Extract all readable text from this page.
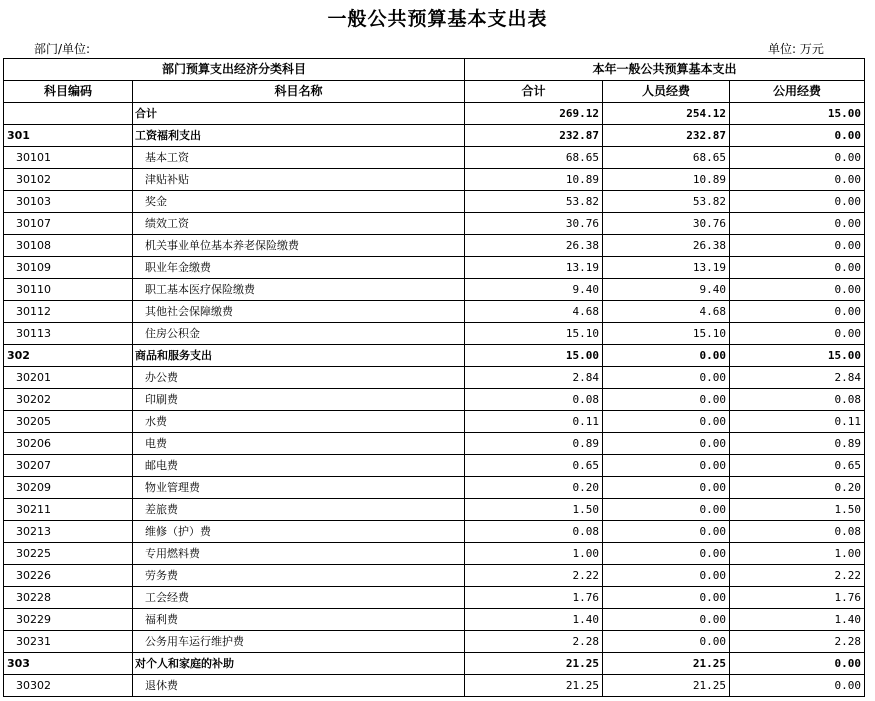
一般公共预算基本支出表
部门/单位:	单位: 万元
部门预算支出经济分类科目		本年一般公共预算基本支出		
科目编码	科目名称	合计	人员经费	公用经费
	合计	269.12	254.12	15.00
301	工资福利支出	232.87	232.87	0.00
30101	基本工资	68.65	68.65	0.00
30102	津贴补贴	10.89	10.89	0.00
30103	奖金	53.82	53.82	0.00
30107	绩效工资	30.76	30.76	0.00
30108	机关事业单位基本养老保险缴费	26.38	26.38	0.00
30109	职业年金缴费	13.19	13.19	0.00
30110	职工基本医疗保险缴费	9.40	9.40	0.00
30112	其他社会保障缴费	4.68	4.68	0.00
30113	住房公积金	15.10	15.10	0.00
302	商品和服务支出	15.00	0.00	15.00
30201	办公费	2.84	0.00	2.84
30202	印刷费	0.08	0.00	0.08
30205	水费	0.11	0.00	0.11
30206	电费	0.89	0.00	0.89
30207	邮电费	0.65	0.00	0.65
30209	物业管理费	0.20	0.00	0.20
30211	差旅费	1.50	0.00	1.50
30213	维修（护）费	0.08	0.00	0.08
30225	专用燃料费	1.00	0.00	1.00
30226	劳务费	2.22	0.00	2.22
30228	工会经费	1.76	0.00	1.76
30229	福利费	1.40	0.00	1.40
30231	公务用车运行维护费	2.28	0.00	2.28
303	对个人和家庭的补助	21.25	21.25	0.00
30302	退休费	21.25	21.25	0.00
